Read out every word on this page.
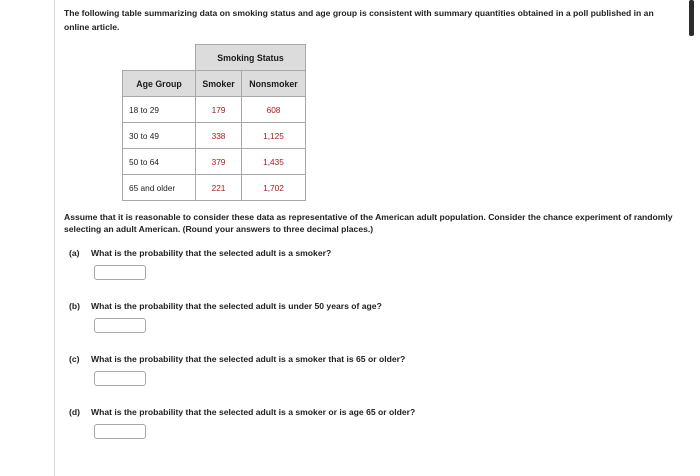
The following table summarizing data on smoking status and age group is consistent with summary quantities obtained in a poll published in an online article.
	Smoking Status	
Age Group	Smoker	Nonsmoker
18 to 29	179	608
30 to 49	338	1,125
50 to 64	379	1,435
65 and older	221	1,702
Assume that it is reasonable to consider these data as representative of the American adult population. Consider the chance experiment of randomly selecting an adult American. (Round your answers to three decimal places.)
(a) What is the probability that the selected adult is a smoker?
(b) What is the probability that the selected adult is under 50 years of age?
(c) What is the probability that the selected adult is a smoker that is 65 or older?
(d) What is the probability that the selected adult is a smoker or is age 65 or older?
